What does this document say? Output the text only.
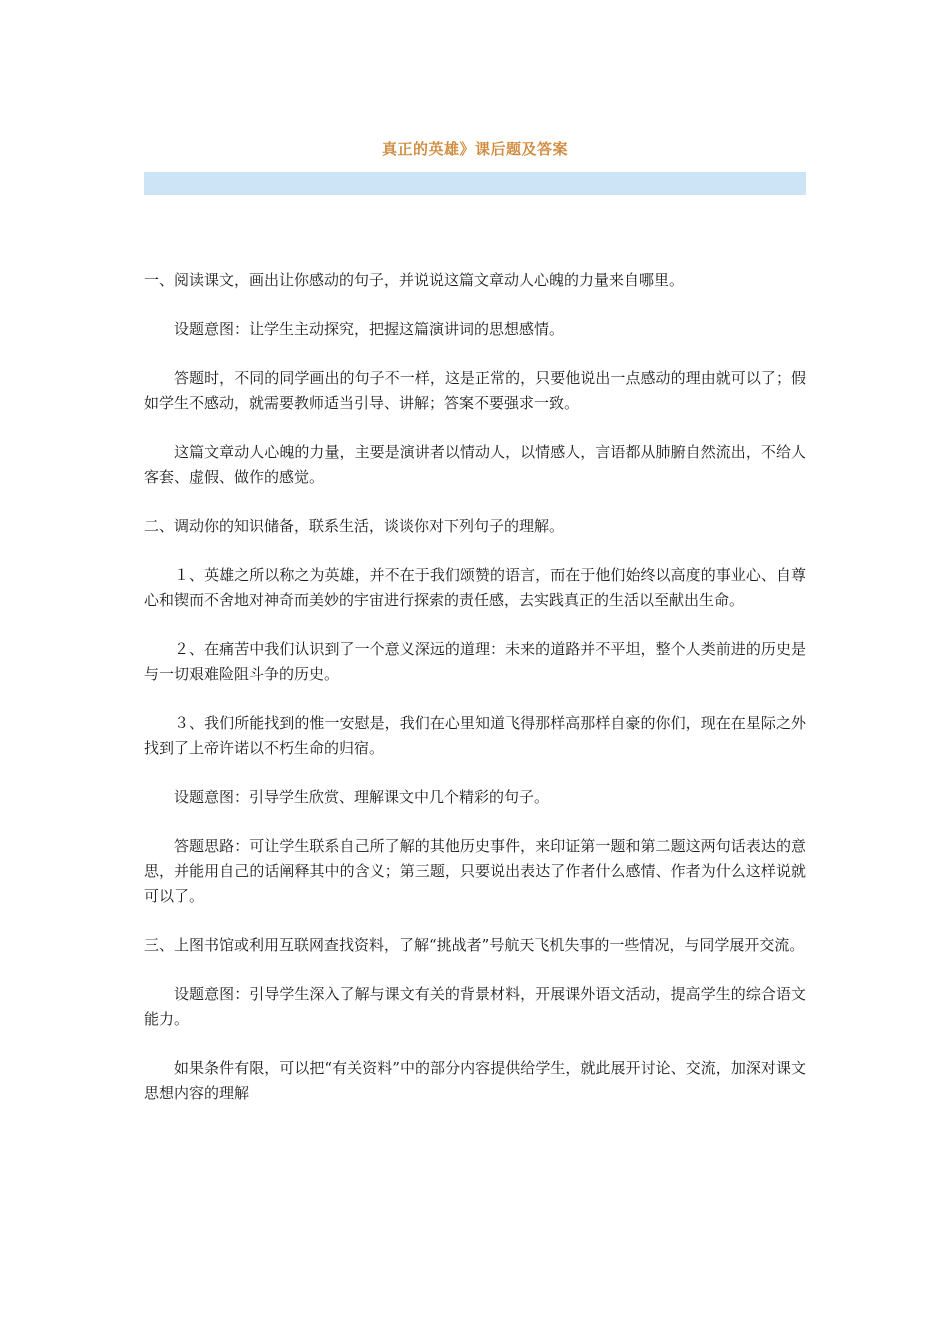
真正的英雄》课后题及答案

一、阅读课文，画出让你感动的句子，并说说这篇文章动人心魄的力量来自哪里。

设题意图：让学生主动探究，把握这篇演讲词的思想感情。

答题时，不同的同学画出的句子不一样，这是正常的，只要他说出一点感动的理由就可以了；假如学生不感动，就需要教师适当引导、讲解；答案不要强求一致。

这篇文章动人心魄的力量，主要是演讲者以情动人，以情感人，言语都从肺腑自然流出，不给人客套、虚假、做作的感觉。

二、调动你的知识储备，联系生活，谈谈你对下列句子的理解。

１、英雄之所以称之为英雄，并不在于我们颂赞的语言，而在于他们始终以高度的事业心、自尊心和锲而不舍地对神奇而美妙的宇宙进行探索的责任感，去实践真正的生活以至献出生命。

２、在痛苦中我们认识到了一个意义深远的道理：未来的道路并不平坦，整个人类前进的历史是与一切艰难险阻斗争的历史。

３、我们所能找到的惟一安慰是，我们在心里知道飞得那样高那样自豪的你们，现在在星际之外找到了上帝许诺以不朽生命的归宿。

设题意图：引导学生欣赏、理解课文中几个精彩的句子。

答题思路：可让学生联系自己所了解的其他历史事件，来印证第一题和第二题这两句话表达的意思，并能用自己的话阐释其中的含义；第三题，只要说出表达了作者什么感情、作者为什么这样说就可以了。

三、上图书馆或利用互联网查找资料，了解“挑战者”号航天飞机失事的一些情况，与同学展开交流。

设题意图：引导学生深入了解与课文有关的背景材料，开展课外语文活动，提高学生的综合语文能力。

如果条件有限，可以把“有关资料”中的部分内容提供给学生，就此展开讨论、交流，加深对课文思想内容的理解
